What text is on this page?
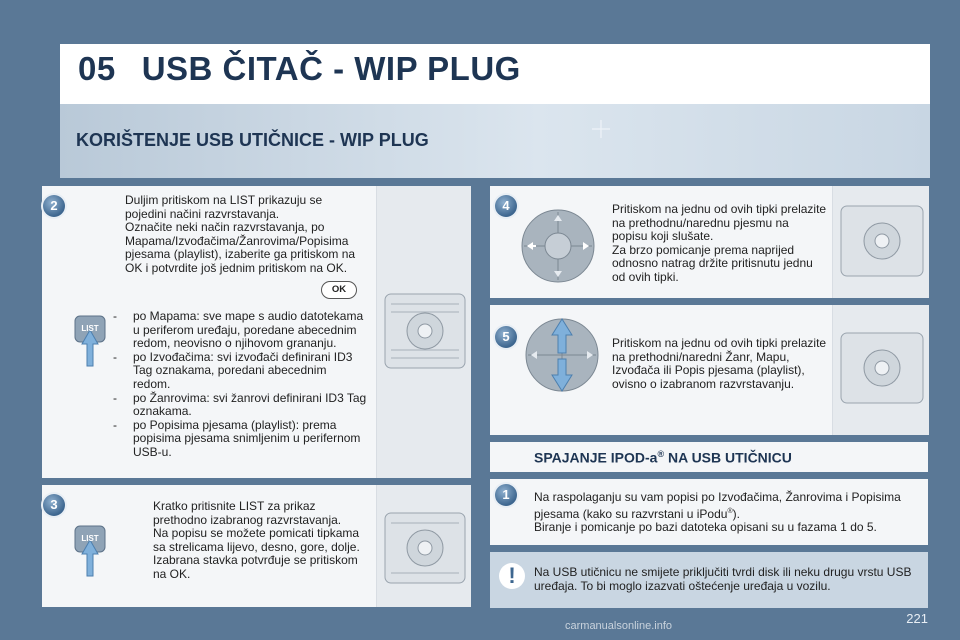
05 USB ČITAČ - WIP PLUG
KORIŠTENJE USB UTIČNICE - WIP PLUG
2	Duljim pritiskom na LIST prikazuju se pojedini načini razvrstavanja.
Označite neki način razvrstavanja, po Mapama/Izvođačima/Žanrovima/Popisima pjesama (playlist), izaberite ga pritiskom na OK i potvrdite još jednim pritiskom na OK.
OK
LIST
- po Mapama: sve mape s audio datotekama u periferom uređaju, poredane abecednim redom, neovisno o njihovom grananju.
- po Izvođačima: svi izvođači definirani ID3 Tag oznakama, poredani abecednim redom.
- po Žanrovima: svi žanrovi definirani ID3 Tag oznakama.
- po Popisima pjesama (playlist): prema popisima pjesama snimljenim u perifernom USB-u.
3
LIST
Kratko pritisnite LIST za prikaz prethodno izabranog razvrstavanja.
Na popisu se možete pomicati tipkama sa strelicama lijevo, desno, gore, dolje.
Izabrana stavka potvrđuje se pritiskom na OK.
4	Pritiskom na jednu od ovih tipki prelazite na prethodnu/narednu pjesmu na popisu koji slušate.
Za brzo pomicanje prema naprijed odnosno natrag držite pritisnutu jednu od ovih tipki.
5	Pritiskom na jednu od ovih tipki prelazite na prethodni/naredni Žanr, Mapu, Izvođača ili Popis pjesama (playlist), ovisno o izabranom razvrstavanju.
SPAJANJE IPOD-a® NA USB UTIČNICU
1	Na raspolaganju su vam popisi po Izvođačima, Žanrovima i Popisima pjesama (kako su razvrstani u iPodu®).
Biranje i pomicanje po bazi datoteka opisani su u fazama 1 do 5.
!	Na USB utičnicu ne smijete priključiti tvrdi disk ili neku drugu vrstu USB uređaja. To bi moglo izazvati oštećenje uređaja u vozilu.
221
carmanualsonline.info
